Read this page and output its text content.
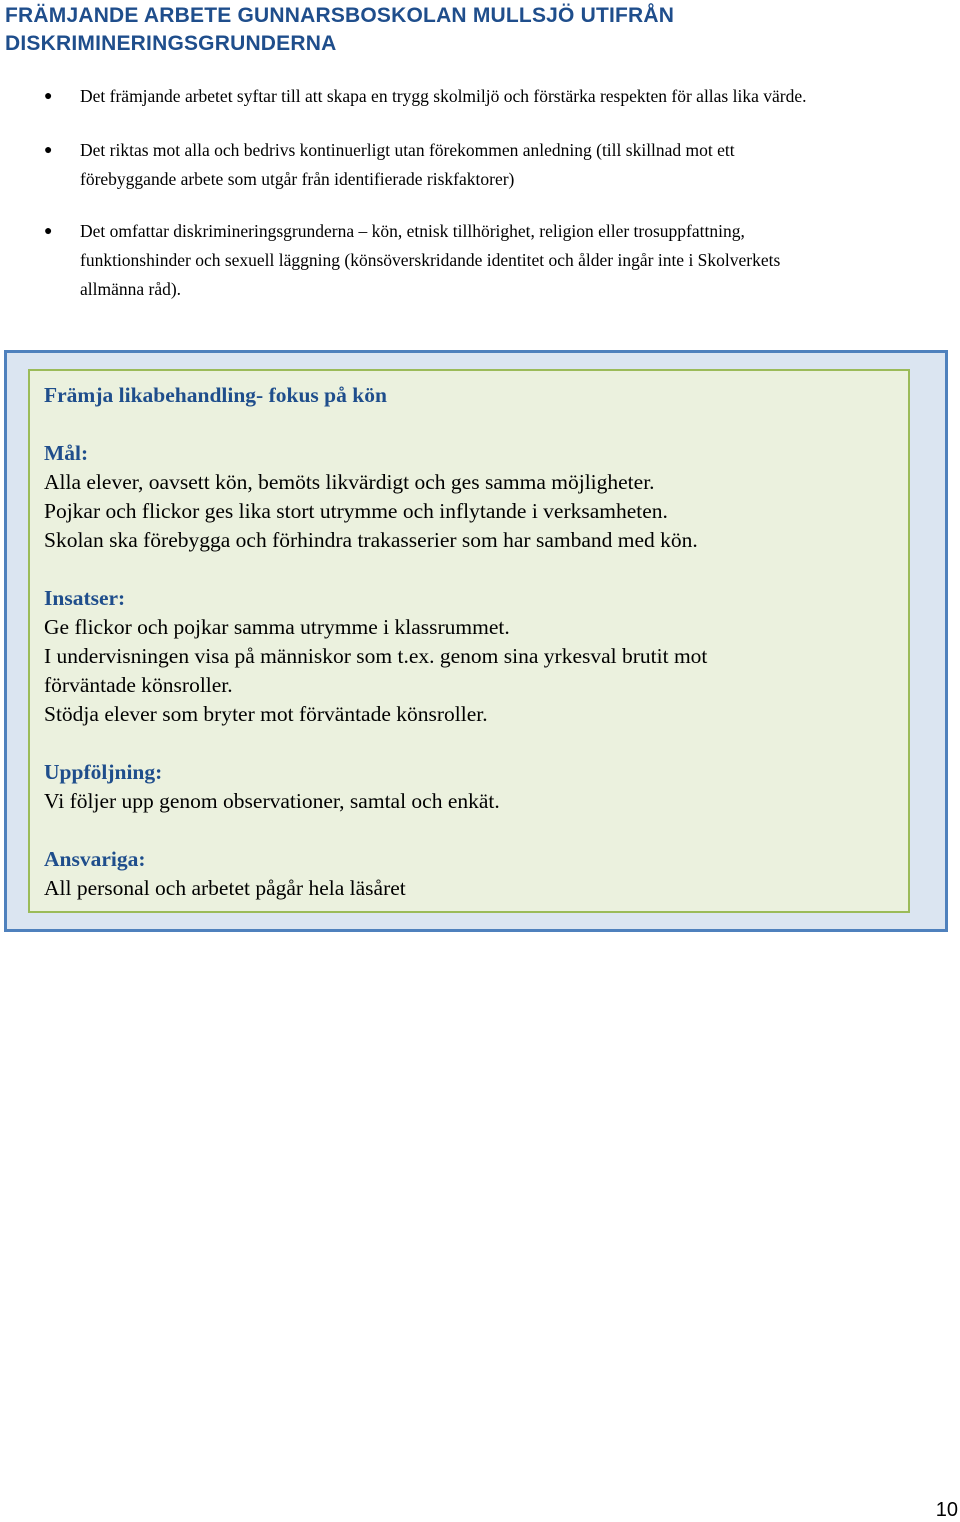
FRÄMJANDE ARBETE GUNNARSBOSKOLAN MULLSJÖ UTIFRÅN
DISKRIMINERINGSGRUNDERNA
● Det främjande arbetet syftar till att skapa en trygg skolmiljö och förstärka respekten för allas lika värde.
● Det riktas mot alla och bedrivs kontinuerligt utan förekommen anledning (till skillnad mot ett
förebyggande arbete som utgår från identifierade riskfaktorer)
● Det omfattar diskrimineringsgrunderna – kön, etnisk tillhörighet, religion eller trosuppfattning,
funktionshinder och sexuell läggning (könsöverskridande identitet och ålder ingår inte i Skolverkets
allmänna råd).
Främja likabehandling- fokus på kön
Mål:
Alla elever, oavsett kön, bemöts likvärdigt och ges samma möjligheter.
Pojkar och flickor ges lika stort utrymme och inflytande i verksamheten.
Skolan ska förebygga och förhindra trakasserier som har samband med kön.
Insatser:
Ge flickor och pojkar samma utrymme i klassrummet.
I undervisningen visa på människor som t.ex. genom sina yrkesval brutit mot
förväntade könsroller.
Stödja elever som bryter mot förväntade könsroller.
Uppföljning:
Vi följer upp genom observationer, samtal och enkät.
Ansvariga:
All personal och arbetet pågår hela läsåret
10
